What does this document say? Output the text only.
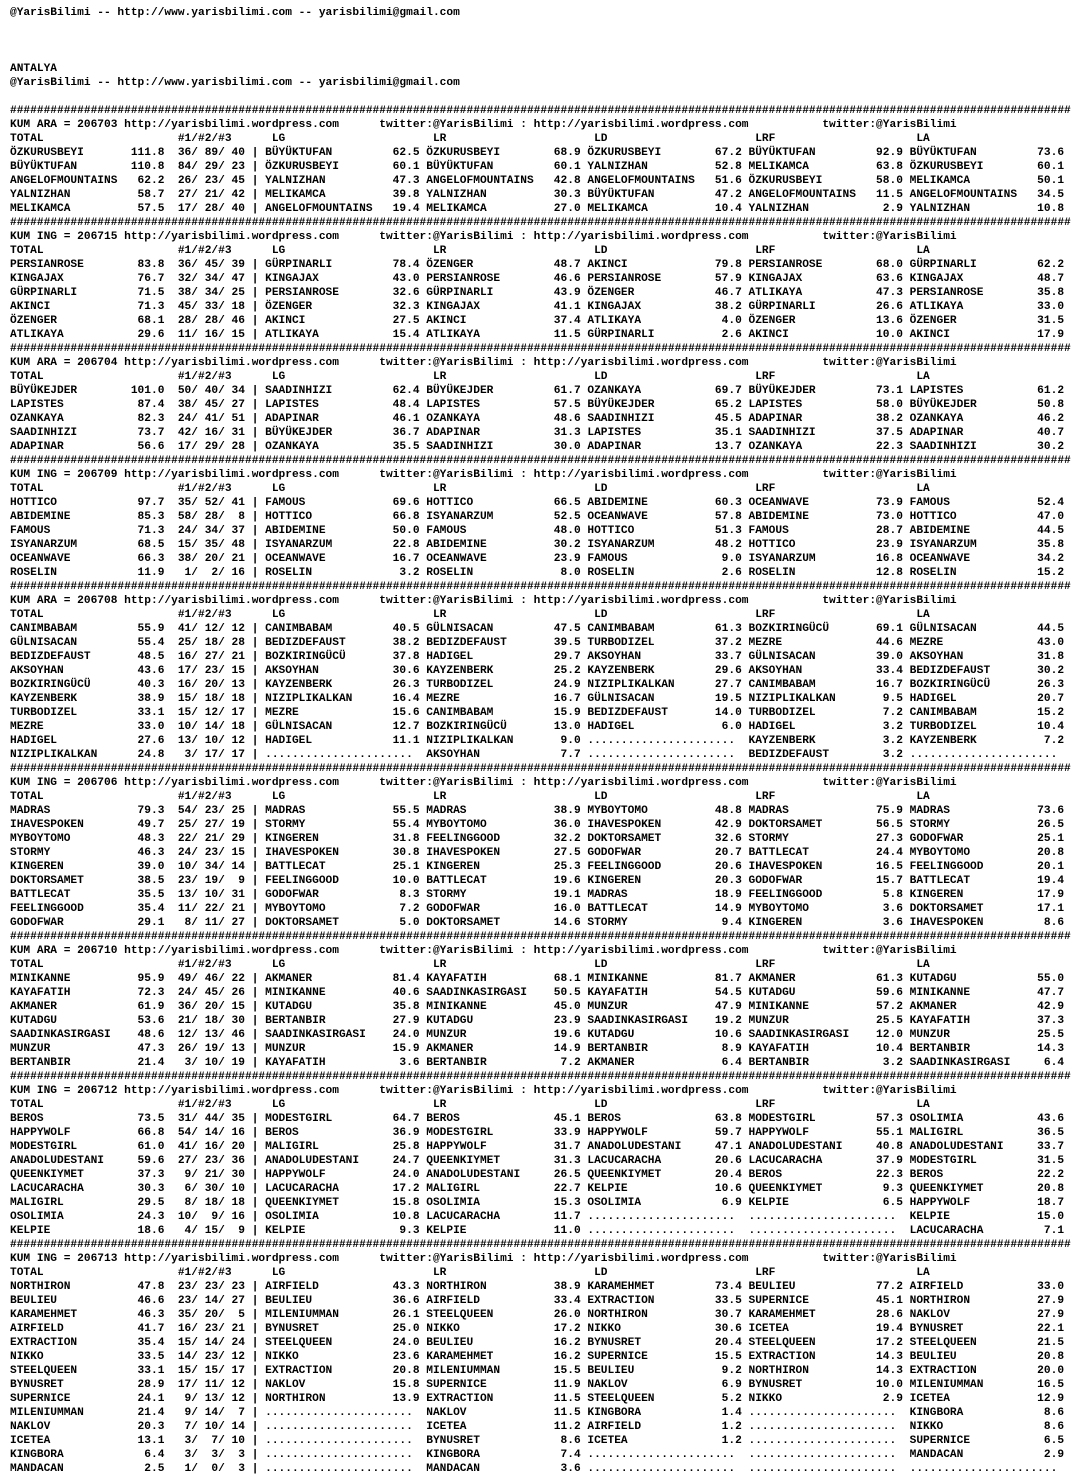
@YarisBilimi -- http://www.yarisbilimi.com -- yarisbilimi@gmail.com
ANTALYA
@YarisBilimi -- http://www.yarisbilimi.com -- yarisbilimi@gmail.com
##############################################################################################################################################################
KUM ARA = 206703 http://yarisbilimi.wordpress.com      twitter:@YarisBilimi : http://yarisbilimi.wordpress.com           twitter:@YarisBilimi
TOTAL                    #1/#2/#3      LG                      LR                      LD                      LRF                     LA
ÖZKURUSBEYI       111.8  36/ 89/ 40 | BÜYÜKTUFAN         62.5 ÖZKURUSBEYI        68.9 ÖZKURUSBEYI        67.2 BÜYÜKTUFAN         92.9 BÜYÜKTUFAN         73.6
BÜYÜKTUFAN        110.8  84/ 29/ 23 | ÖZKURUSBEYI        60.1 BÜYÜKTUFAN         60.1 YALNIZHAN          52.8 MELIKAMCA          63.8 ÖZKURUSBEYI        60.1
ANGELOFMOUNTAINS   62.2  26/ 23/ 45 | YALNIZHAN          47.3 ANGELOFMOUNTAINS   42.8 ANGELOFMOUNTAINS   51.6 ÖZKURUSBEYI        58.0 MELIKAMCA          50.1
YALNIZHAN          58.7  27/ 21/ 42 | MELIKAMCA          39.8 YALNIZHAN          30.3 BÜYÜKTUFAN         47.2 ANGELOFMOUNTAINS   11.5 ANGELOFMOUNTAINS   34.5
MELIKAMCA          57.5  17/ 28/ 40 | ANGELOFMOUNTAINS   19.4 MELIKAMCA          27.0 MELIKAMCA          10.4 YALNIZHAN           2.9 YALNIZHAN          10.8
##############################################################################################################################################################
KUM ING = 206715 http://yarisbilimi.wordpress.com      twitter:@YarisBilimi : http://yarisbilimi.wordpress.com           twitter:@YarisBilimi
TOTAL                    #1/#2/#3      LG                      LR                      LD                      LRF                     LA
PERSIANROSE        83.8  36/ 45/ 39 | GÜRPINARLI         78.4 ÖZENGER            48.7 AKINCI             79.8 PERSIANROSE        68.0 GÜRPINARLI         62.2
KINGAJAX           76.7  32/ 34/ 47 | KINGAJAX           43.0 PERSIANROSE        46.6 PERSIANROSE        57.9 KINGAJAX           63.6 KINGAJAX           48.7
GÜRPINARLI         71.5  38/ 34/ 25 | PERSIANROSE        32.6 GÜRPINARLI         43.9 ÖZENGER            46.7 ATLIKAYA           47.3 PERSIANROSE        35.8
AKINCI             71.3  45/ 33/ 18 | ÖZENGER            32.3 KINGAJAX           41.1 KINGAJAX           38.2 GÜRPINARLI         26.6 ATLIKAYA           33.0
ÖZENGER            68.1  28/ 28/ 46 | AKINCI             27.5 AKINCI             37.4 ATLIKAYA            4.0 ÖZENGER            13.6 ÖZENGER            31.5
ATLIKAYA           29.6  11/ 16/ 15 | ATLIKAYA           15.4 ATLIKAYA           11.5 GÜRPINARLI          2.6 AKINCI             10.0 AKINCI             17.9
##############################################################################################################################################################
KUM ARA = 206704 http://yarisbilimi.wordpress.com      twitter:@YarisBilimi : http://yarisbilimi.wordpress.com           twitter:@YarisBilimi
TOTAL                    #1/#2/#3      LG                      LR                      LD                      LRF                     LA
BÜYÜKEJDER        101.0  50/ 40/ 34 | SAADINHIZI         62.4 BÜYÜKEJDER         61.7 OZANKAYA           69.7 BÜYÜKEJDER         73.1 LAPISTES           61.2
LAPISTES           87.4  38/ 45/ 27 | LAPISTES           48.4 LAPISTES           57.5 BÜYÜKEJDER         65.2 LAPISTES           58.0 BÜYÜKEJDER         50.8
OZANKAYA           82.3  24/ 41/ 51 | ADAPINAR           46.1 OZANKAYA           48.6 SAADINHIZI         45.5 ADAPINAR           38.2 OZANKAYA           46.2
SAADINHIZI         73.7  42/ 16/ 31 | BÜYÜKEJDER         36.7 ADAPINAR           31.3 LAPISTES           35.1 SAADINHIZI         37.5 ADAPINAR           40.7
ADAPINAR           56.6  17/ 29/ 28 | OZANKAYA           35.5 SAADINHIZI         30.0 ADAPINAR           13.7 OZANKAYA           22.3 SAADINHIZI         30.2
##############################################################################################################################################################
KUM ING = 206709 http://yarisbilimi.wordpress.com      twitter:@YarisBilimi : http://yarisbilimi.wordpress.com           twitter:@YarisBilimi
TOTAL                    #1/#2/#3      LG                      LR                      LD                      LRF                     LA
HOTTICO            97.7  35/ 52/ 41 | FAMOUS             69.6 HOTTICO            66.5 ABIDEMINE          60.3 OCEANWAVE          73.9 FAMOUS             52.4
ABIDEMINE          85.3  58/ 28/  8 | HOTTICO            66.8 ISYANARZUM         52.5 OCEANWAVE          57.8 ABIDEMINE          73.0 HOTTICO            47.0
FAMOUS             71.3  24/ 34/ 37 | ABIDEMINE          50.0 FAMOUS             48.0 HOTTICO            51.3 FAMOUS             28.7 ABIDEMINE          44.5
ISYANARZUM         68.5  15/ 35/ 48 | ISYANARZUM         22.8 ABIDEMINE          30.2 ISYANARZUM         48.2 HOTTICO            23.9 ISYANARZUM         35.8
OCEANWAVE          66.3  38/ 20/ 21 | OCEANWAVE          16.7 OCEANWAVE          23.9 FAMOUS              9.0 ISYANARZUM         16.8 OCEANWAVE          34.2
ROSELIN            11.9   1/  2/ 16 | ROSELIN             3.2 ROSELIN             8.0 ROSELIN             2.6 ROSELIN            12.8 ROSELIN            15.2
##############################################################################################################################################################
KUM ARA = 206708 http://yarisbilimi.wordpress.com      twitter:@YarisBilimi : http://yarisbilimi.wordpress.com           twitter:@YarisBilimi
TOTAL                    #1/#2/#3      LG                      LR                      LD                      LRF                     LA
CANIMBABAM         55.9  41/ 12/ 12 | CANIMBABAM         40.5 GÜLNISACAN         47.5 CANIMBABAM         61.3 BOZKIRINGÜCÜ       69.1 GÜLNISACAN         44.5
GÜLNISACAN         55.4  25/ 18/ 28 | BEDIZDEFAUST       38.2 BEDIZDEFAUST       39.5 TURBODIZEL         37.2 MEZRE              44.6 MEZRE              43.0
BEDIZDEFAUST       48.5  16/ 27/ 21 | BOZKIRINGÜCÜ       37.8 HADIGEL            29.7 AKSOYHAN           33.7 GÜLNISACAN         39.0 AKSOYHAN           31.8
AKSOYHAN           43.6  17/ 23/ 15 | AKSOYHAN           30.6 KAYZENBERK         25.2 KAYZENBERK         29.6 AKSOYHAN           33.4 BEDIZDEFAUST       30.2
BOZKIRINGÜCÜ       40.3  16/ 20/ 13 | KAYZENBERK         26.3 TURBODIZEL         24.9 NIZIPLIKALKAN      27.7 CANIMBABAM         16.7 BOZKIRINGÜCÜ       26.3
KAYZENBERK         38.9  15/ 18/ 18 | NIZIPLIKALKAN      16.4 MEZRE              16.7 GÜLNISACAN         19.5 NIZIPLIKALKAN       9.5 HADIGEL            20.7
TURBODIZEL         33.1  15/ 12/ 17 | MEZRE              15.6 CANIMBABAM         15.9 BEDIZDEFAUST       14.0 TURBODIZEL          7.2 CANIMBABAM         15.2
MEZRE              33.0  10/ 14/ 18 | GÜLNISACAN         12.7 BOZKIRINGÜCÜ       13.0 HADIGEL             6.0 HADIGEL             3.2 TURBODIZEL         10.4
HADIGEL            27.6  13/ 10/ 12 | HADIGEL            11.1 NIZIPLIKALKAN       9.0 ......................  KAYZENBERK          3.2 KAYZENBERK          7.2
NIZIPLIKALKAN      24.8   3/ 17/ 17 | ......................  AKSOYHAN            7.7 ......................  BEDIZDEFAUST        3.2 ......................
##############################################################################################################################################################
KUM ING = 206706 http://yarisbilimi.wordpress.com      twitter:@YarisBilimi : http://yarisbilimi.wordpress.com           twitter:@YarisBilimi
TOTAL                    #1/#2/#3      LG                      LR                      LD                      LRF                     LA
MADRAS             79.3  54/ 23/ 25 | MADRAS             55.5 MADRAS             38.9 MYBOYTOMO          48.8 MADRAS             75.9 MADRAS             73.6
IHAVESPOKEN        49.7  25/ 27/ 19 | STORMY             55.4 MYBOYTOMO          36.0 IHAVESPOKEN        42.9 DOKTORSAMET        56.5 STORMY             26.5
MYBOYTOMO          48.3  22/ 21/ 29 | KINGEREN           31.8 FEELINGGOOD        32.2 DOKTORSAMET        32.6 STORMY             27.3 GODOFWAR           25.1
STORMY             46.3  24/ 23/ 15 | IHAVESPOKEN        30.8 IHAVESPOKEN        27.5 GODOFWAR           20.7 BATTLECAT          24.4 MYBOYTOMO          20.8
KINGEREN           39.0  10/ 34/ 14 | BATTLECAT          25.1 KINGEREN           25.3 FEELINGGOOD        20.6 IHAVESPOKEN        16.5 FEELINGGOOD        20.1
DOKTORSAMET        38.5  23/ 19/  9 | FEELINGGOOD        10.0 BATTLECAT          19.6 KINGEREN           20.3 GODOFWAR           15.7 BATTLECAT          19.4
BATTLECAT          35.5  13/ 10/ 31 | GODOFWAR            8.3 STORMY             19.1 MADRAS             18.9 FEELINGGOOD         5.8 KINGEREN           17.9
FEELINGGOOD        35.4  11/ 22/ 21 | MYBOYTOMO           7.2 GODOFWAR           16.0 BATTLECAT          14.9 MYBOYTOMO           3.6 DOKTORSAMET        17.1
GODOFWAR           29.1   8/ 11/ 27 | DOKTORSAMET         5.0 DOKTORSAMET        14.6 STORMY              9.4 KINGEREN            3.6 IHAVESPOKEN         8.6
##############################################################################################################################################################
KUM ARA = 206710 http://yarisbilimi.wordpress.com      twitter:@YarisBilimi : http://yarisbilimi.wordpress.com           twitter:@YarisBilimi
TOTAL                    #1/#2/#3      LG                      LR                      LD                      LRF                     LA
MINIKANNE          95.9  49/ 46/ 22 | AKMANER            81.4 KAYAFATIH          68.1 MINIKANNE          81.7 AKMANER            61.3 KUTADGU            55.0
KAYAFATIH          72.3  24/ 45/ 26 | MINIKANNE          40.6 SAADINKASIRGASI    50.5 KAYAFATIH          54.5 KUTADGU            59.6 MINIKANNE          47.7
AKMANER            61.9  36/ 20/ 15 | KUTADGU            35.8 MINIKANNE          45.0 MUNZUR             47.9 MINIKANNE          57.2 AKMANER            42.9
KUTADGU            53.6  21/ 18/ 30 | BERTANBIR          27.9 KUTADGU            23.9 SAADINKASIRGASI    19.2 MUNZUR             25.5 KAYAFATIH          37.3
SAADINKASIRGASI    48.6  12/ 13/ 46 | SAADINKASIRGASI    24.0 MUNZUR             19.6 KUTADGU            10.6 SAADINKASIRGASI    12.0 MUNZUR             25.5
MUNZUR             47.3  26/ 19/ 13 | MUNZUR             15.9 AKMANER            14.9 BERTANBIR           8.9 KAYAFATIH          10.4 BERTANBIR          14.3
BERTANBIR          21.4   3/ 10/ 19 | KAYAFATIH           3.6 BERTANBIR           7.2 AKMANER             6.4 BERTANBIR           3.2 SAADINKASIRGASI     6.4
##############################################################################################################################################################
KUM ING = 206712 http://yarisbilimi.wordpress.com      twitter:@YarisBilimi : http://yarisbilimi.wordpress.com           twitter:@YarisBilimi
TOTAL                    #1/#2/#3      LG                      LR                      LD                      LRF                     LA
BEROS              73.5  31/ 44/ 35 | MODESTGIRL         64.7 BEROS              45.1 BEROS              63.8 MODESTGIRL         57.3 OSOLIMIA           43.6
HAPPYWOLF          66.8  54/ 14/ 16 | BEROS              36.9 MODESTGIRL         33.9 HAPPYWOLF          59.7 HAPPYWOLF          55.1 MALIGIRL           36.5
MODESTGIRL         61.0  41/ 16/ 20 | MALIGIRL           25.8 HAPPYWOLF          31.7 ANADOLUDESTANI     47.1 ANADOLUDESTANI     40.8 ANADOLUDESTANI     33.7
ANADOLUDESTANI     59.6  27/ 23/ 36 | ANADOLUDESTANI     24.7 QUEENKIYMET        31.3 LACUCARACHA        20.6 LACUCARACHA        37.9 MODESTGIRL         31.5
QUEENKIYMET        37.3   9/ 21/ 30 | HAPPYWOLF          24.0 ANADOLUDESTANI     26.5 QUEENKIYMET        20.4 BEROS              22.3 BEROS              22.2
LACUCARACHA        30.3   6/ 30/ 10 | LACUCARACHA        17.2 MALIGIRL           22.7 KELPIE             10.6 QUEENKIYMET         9.3 QUEENKIYMET        20.8
MALIGIRL           29.5   8/ 18/ 18 | QUEENKIYMET        15.8 OSOLIMIA           15.3 OSOLIMIA            6.9 KELPIE              6.5 HAPPYWOLF          18.7
OSOLIMIA           24.3  10/  9/ 16 | OSOLIMIA           10.8 LACUCARACHA        11.7 ......................  ......................  KELPIE             15.0
KELPIE             18.6   4/ 15/  9 | KELPIE              9.3 KELPIE             11.0 ......................  ......................  LACUCARACHA         7.1
##############################################################################################################################################################
KUM ING = 206713 http://yarisbilimi.wordpress.com      twitter:@YarisBilimi : http://yarisbilimi.wordpress.com           twitter:@YarisBilimi
TOTAL                    #1/#2/#3      LG                      LR                      LD                      LRF                     LA
NORTHIRON          47.8  23/ 23/ 23 | AIRFIELD           43.3 NORTHIRON          38.9 KARAMEHMET         73.4 BEULIEU            77.2 AIRFIELD           33.0
BEULIEU            46.6  23/ 14/ 27 | BEULIEU            36.6 AIRFIELD           33.4 EXTRACTION         33.5 SUPERNICE          45.1 NORTHIRON          27.9
KARAMEHMET         46.3  35/ 20/  5 | MILENIUMMAN        26.1 STEELQUEEN         26.0 NORTHIRON          30.7 KARAMEHMET         28.6 NAKLOV             27.9
AIRFIELD           41.7  16/ 23/ 21 | BYNUSRET           25.0 NIKKO              17.2 NIKKO              30.6 ICETEA             19.4 BYNUSRET           22.1
EXTRACTION         35.4  15/ 14/ 24 | STEELQUEEN         24.0 BEULIEU            16.2 BYNUSRET           20.4 STEELQUEEN         17.2 STEELQUEEN         21.5
NIKKO              33.5  14/ 23/ 12 | NIKKO              23.6 KARAMEHMET         16.2 SUPERNICE          15.5 EXTRACTION         14.3 BEULIEU            20.8
STEELQUEEN         33.1  15/ 15/ 17 | EXTRACTION         20.8 MILENIUMMAN        15.5 BEULIEU             9.2 NORTHIRON          14.3 EXTRACTION         20.0
BYNUSRET           28.9  17/ 11/ 12 | NAKLOV             15.8 SUPERNICE          11.9 NAKLOV              6.9 BYNUSRET           10.0 MILENIUMMAN        16.5
SUPERNICE          24.1   9/ 13/ 12 | NORTHIRON          13.9 EXTRACTION         11.5 STEELQUEEN          5.2 NIKKO               2.9 ICETEA             12.9
MILENIUMMAN        21.4   9/ 14/  7 | ......................  NAKLOV             11.5 KINGBORA            1.4 ......................  KINGBORA            8.6
NAKLOV             20.3   7/ 10/ 14 | ......................  ICETEA             11.2 AIRFIELD            1.2 ......................  NIKKO               8.6
ICETEA             13.1   3/  7/ 10 | ......................  BYNUSRET            8.6 ICETEA              1.2 ......................  SUPERNICE           6.5
KINGBORA            6.4   3/  3/  3 | ......................  KINGBORA            7.4 ......................  ......................  MANDACAN            2.9
MANDACAN            2.5   1/  0/  3 | ......................  MANDACAN            3.6 ......................  ......................  ......................
